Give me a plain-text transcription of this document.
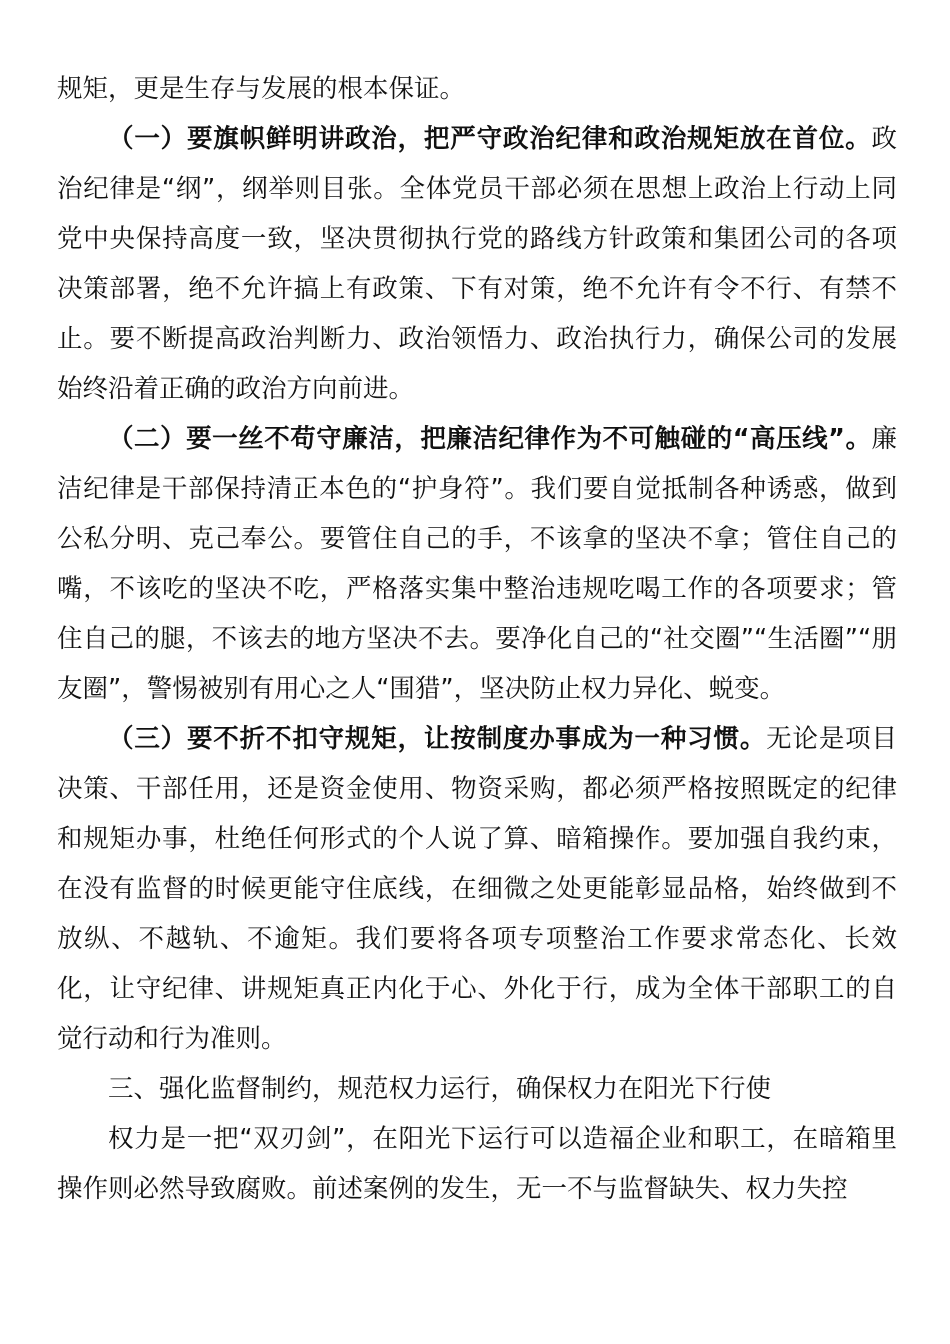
规矩，更是生存与发展的根本保证。

（一）要旗帜鲜明讲政治，把严守政治纪律和政治规矩放在首位。政治纪律是“纲”，纲举则目张。全体党员干部必须在思想上政治上行动上同党中央保持高度一致，坚决贯彻执行党的路线方针政策和集团公司的各项决策部署，绝不允许搞上有政策、下有对策，绝不允许有令不行、有禁不止。要不断提高政治判断力、政治领悟力、政治执行力，确保公司的发展始终沿着正确的政治方向前进。

（二）要一丝不苟守廉洁，把廉洁纪律作为不可触碰的“高压线”。廉洁纪律是干部保持清正本色的“护身符”。我们要自觉抵制各种诱惑，做到公私分明、克己奉公。要管住自己的手，不该拿的坚决不拿；管住自己的嘴，不该吃的坚决不吃，严格落实集中整治违规吃喝工作的各项要求；管住自己的腿，不该去的地方坚决不去。要净化自己的“社交圈”“生活圈”“朋友圈”，警惕被别有用心之人“围猎”，坚决防止权力异化、蜕变。

（三）要不折不扣守规矩，让按制度办事成为一种习惯。无论是项目决策、干部任用，还是资金使用、物资采购，都必须严格按照既定的纪律和规矩办事，杜绝任何形式的个人说了算、暗箱操作。要加强自我约束，在没有监督的时候更能守住底线，在细微之处更能彰显品格，始终做到不放纵、不越轨、不逾矩。我们要将各项专项整治工作要求常态化、长效化，让守纪律、讲规矩真正内化于心、外化于行，成为全体干部职工的自觉行动和行为准则。

三、强化监督制约，规范权力运行，确保权力在阳光下行使

权力是一把“双刃剑”，在阳光下运行可以造福企业和职工，在暗箱里操作则必然导致腐败。前述案例的发生，无一不与监督缺失、权力失控
